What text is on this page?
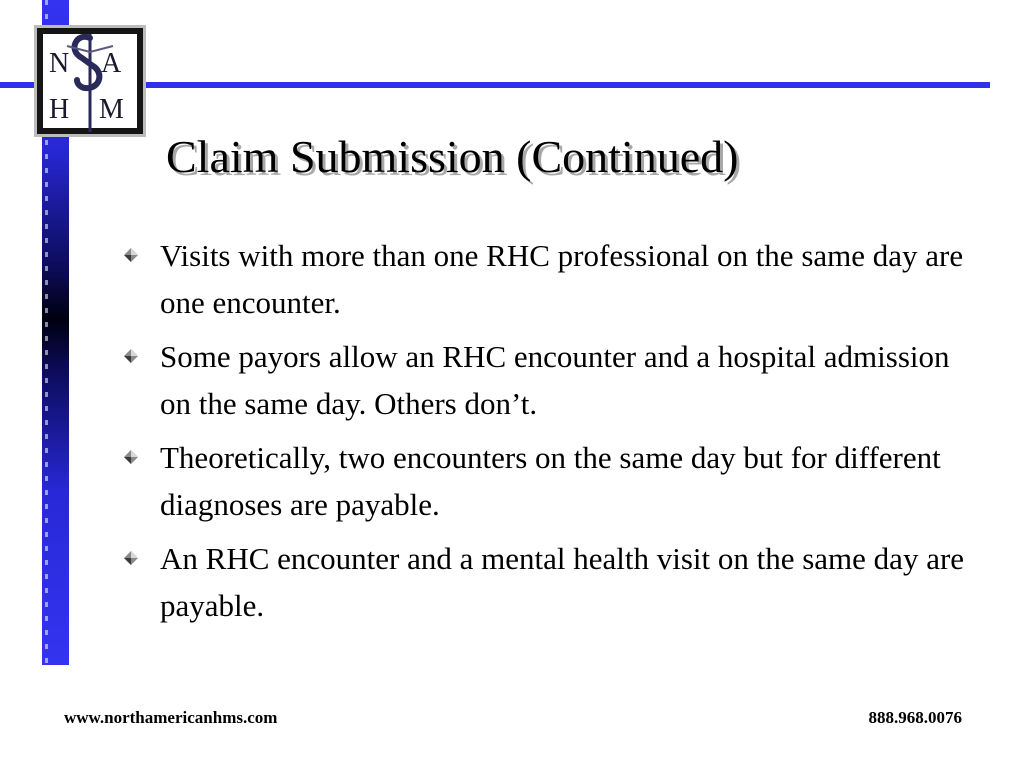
N A
H M
Claim Submission (Continued)
Visits with more than one RHC professional on the same day are one encounter.
Some payors allow an RHC encounter and a hospital admission on the same day. Others don’t.
Theoretically, two encounters on the same day but for different diagnoses are payable.
An RHC encounter and a mental health visit on the same day are payable.
www.northamericanhms.com	888.968.0076
